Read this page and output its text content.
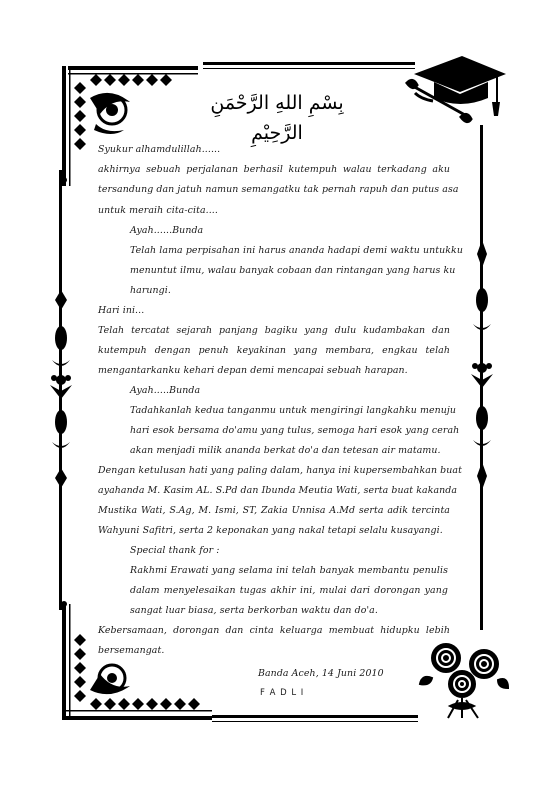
بِسْمِ اللهِ الرَّحْمَنِ الرَّحِيْمِ
Syukur alhamdulillah......
akhirnya sebuah perjalanan berhasil kutempuh walau terkadang aku
tersandung dan jatuh namun semangatku tak pernah rapuh dan putus asa
untuk meraih cita-cita....
Ayah......Bunda
Telah lama perpisahan ini harus ananda hadapi demi waktu untukku
menuntut ilmu, walau banyak cobaan dan rintangan yang harus ku
harungi.
Hari ini...
Telah tercatat sejarah panjang bagiku yang dulu kudambakan dan
kutempuh dengan penuh keyakinan yang membara, engkau telah
mengantarkanku kehari depan demi mencapai sebuah harapan.
Ayah.....Bunda
Tadahkanlah kedua tanganmu untuk mengiringi langkahku menuju
hari esok bersama do'amu yang tulus, semoga hari esok yang cerah
akan menjadi milik ananda berkat do'a dan tetesan air matamu.
Dengan ketulusan hati yang paling dalam, hanya ini kupersembahkan buat
ayahanda M. Kasim AL. S.Pd dan Ibunda Meutia Wati, serta buat kakanda
Mustika Wati, S.Ag, M. Ismi, ST, Zakia Unnisa A.Md serta adik tercinta
Wahyuni Safitri, serta 2 keponakan yang nakal tetapi selalu kusayangi.
Special thank for :
Rakhmi Erawati yang selama ini telah banyak membantu penulis
dalam menyelesaikan tugas akhir ini, mulai dari dorongan yang
sangat luar biasa, serta berkorban waktu dan do'a.
Kebersamaan, dorongan dan cinta keluarga membuat hidupku lebih
bersemangat.
Banda Aceh, 14 Juni 2010
F A D L I
